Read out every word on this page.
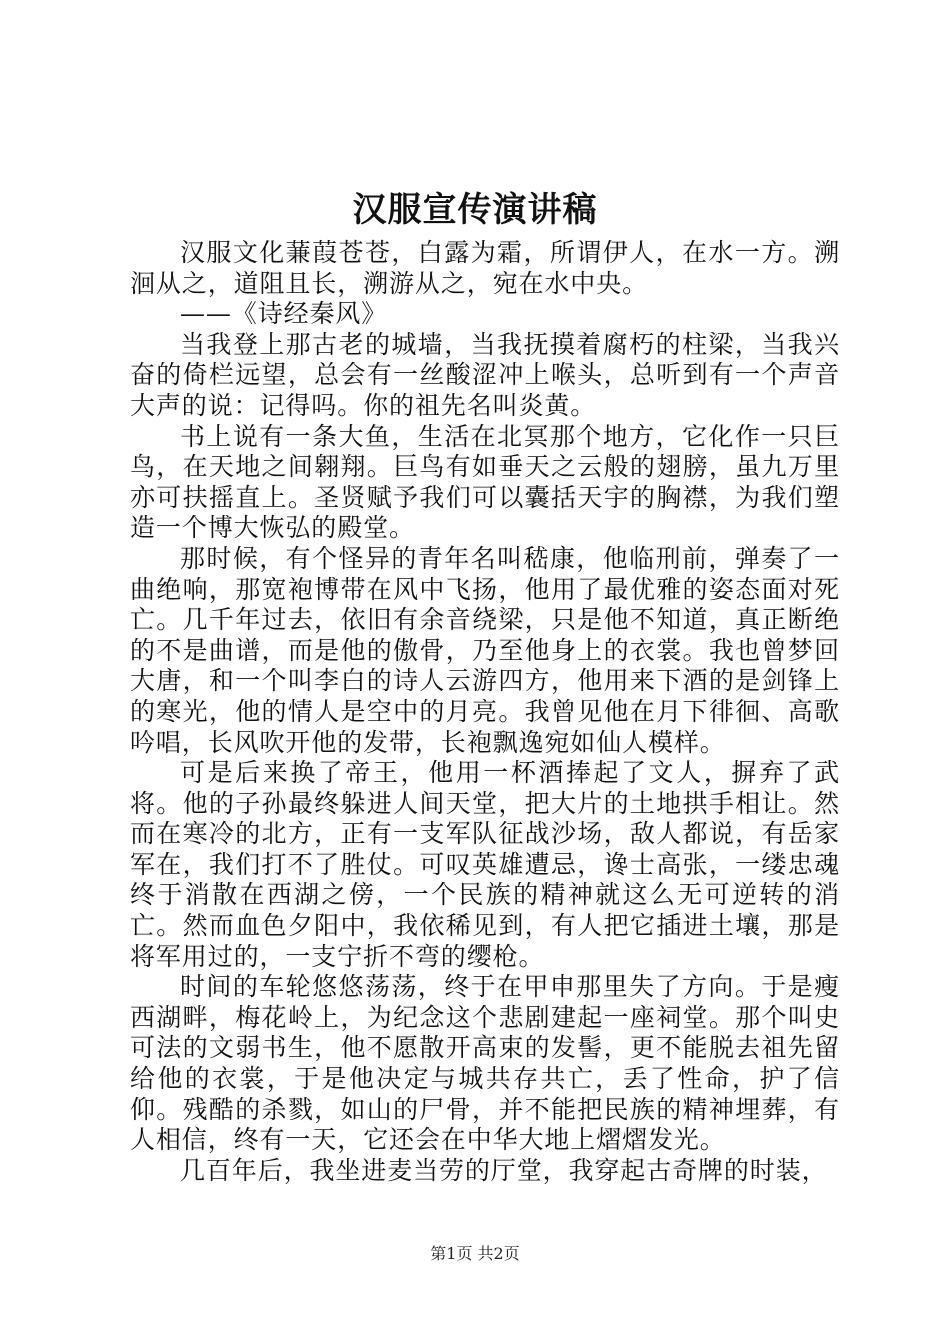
汉服宣传演讲稿

汉服文化蒹葭苍苍，白露为霜，所谓伊人，在水一方。溯洄从之，道阻且长，溯游从之，宛在水中央。

——《诗经秦风》

当我登上那古老的城墙，当我抚摸着腐朽的柱梁，当我兴奋的倚栏远望，总会有一丝酸涩冲上喉头，总听到有一个声音大声的说：记得吗。你的祖先名叫炎黄。

书上说有一条大鱼，生活在北冥那个地方，它化作一只巨鸟，在天地之间翱翔。巨鸟有如垂天之云般的翅膀，虽九万里亦可扶摇直上。圣贤赋予我们可以囊括天宇的胸襟，为我们塑造一个博大恢弘的殿堂。

那时候，有个怪异的青年名叫嵇康，他临刑前，弹奏了一曲绝响，那宽袍博带在风中飞扬，他用了最优雅的姿态面对死亡。几千年过去，依旧有余音绕梁，只是他不知道，真正断绝的不是曲谱，而是他的傲骨，乃至他身上的衣裳。我也曾梦回大唐，和一个叫李白的诗人云游四方，他用来下酒的是剑锋上的寒光，他的情人是空中的月亮。我曾见他在月下徘徊、高歌吟唱，长风吹开他的发带，长袍飘逸宛如仙人模样。

可是后来换了帝王，他用一杯酒捧起了文人，摒弃了武将。他的子孙最终躲进人间天堂，把大片的土地拱手相让。然而在寒冷的北方，正有一支军队征战沙场，敌人都说，有岳家军在，我们打不了胜仗。可叹英雄遭忌，谗士高张，一缕忠魂终于消散在西湖之傍，一个民族的精神就这么无可逆转的消亡。然而血色夕阳中，我依稀见到，有人把它插进土壤，那是将军用过的，一支宁折不弯的缨枪。

时间的车轮悠悠荡荡，终于在甲申那里失了方向。于是瘦西湖畔，梅花岭上，为纪念这个悲剧建起一座祠堂。那个叫史可法的文弱书生，他不愿散开高束的发髻，更不能脱去祖先留给他的衣裳，于是他决定与城共存共亡，丢了性命，护了信仰。残酷的杀戮，如山的尸骨，并不能把民族的精神埋葬，有人相信，终有一天，它还会在中华大地上熠熠发光。

几百年后，我坐进麦当劳的厅堂，我穿起古奇牌的时装，

第1页 共2页
